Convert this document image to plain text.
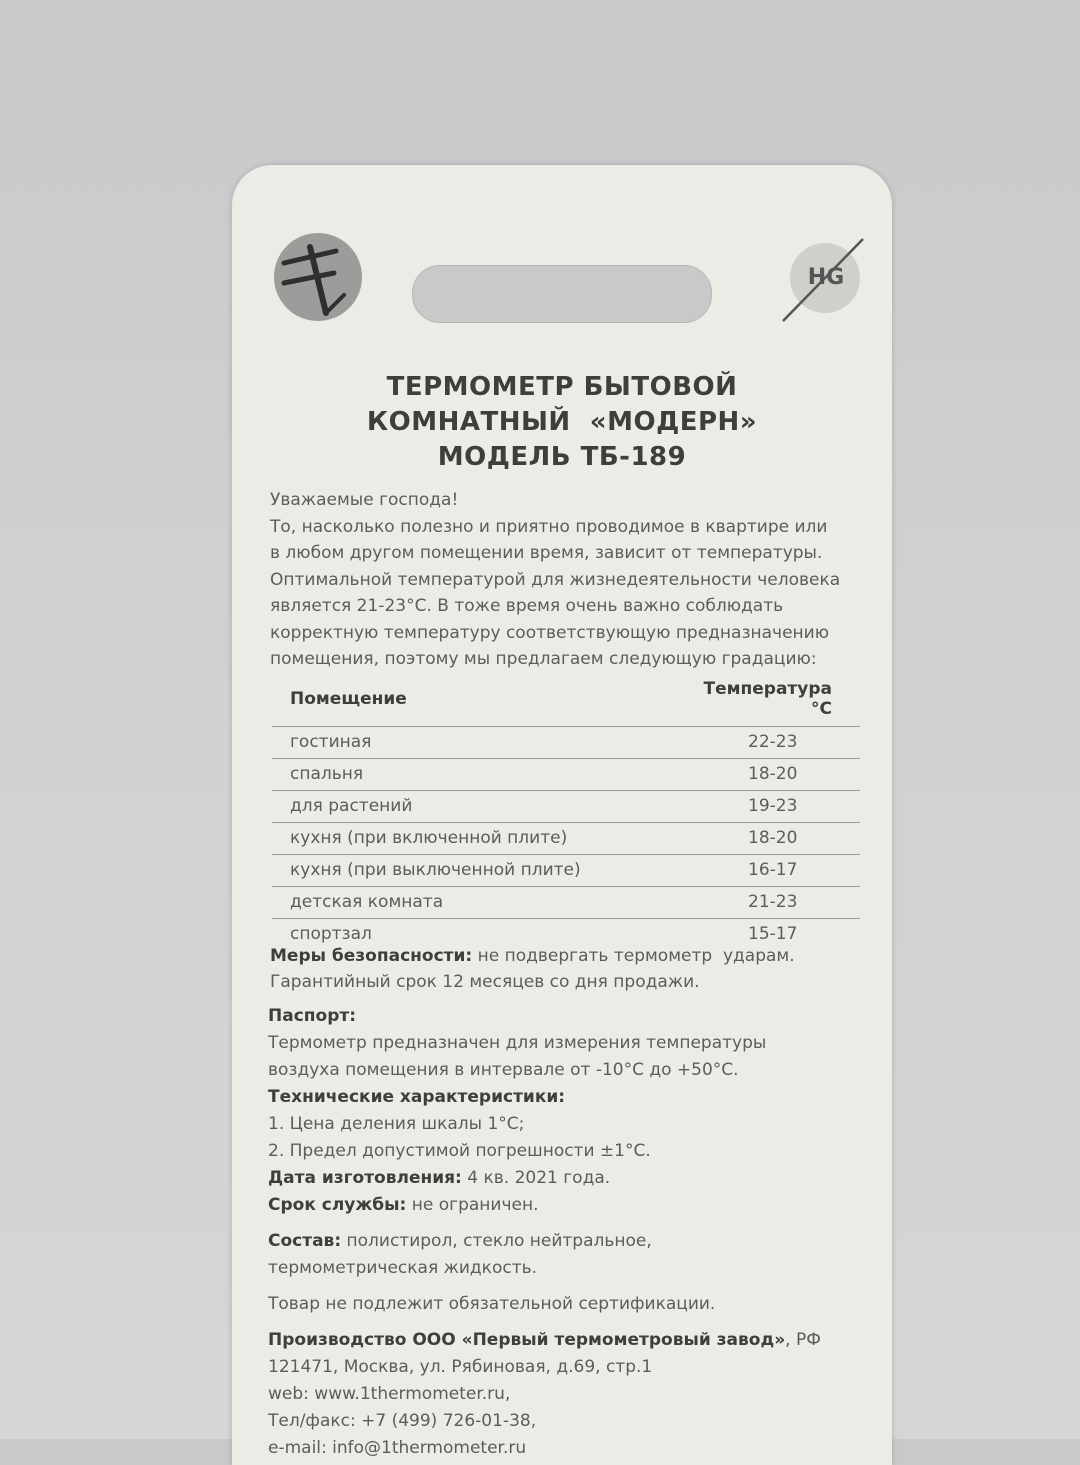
HG
ТЕРМОМЕТР БЫТОВОЙ
КОМНАТНЫЙ  «МОДЕРН»
МОДЕЛЬ ТБ-189
Уважаемые господа!
То, насколько полезно и приятно проводимое в квартире или
в любом другом помещении время, зависит от температуры.
Оптимальной температурой для жизнедеятельности человека
является 21-23°С. В тоже время очень важно соблюдать
корректную температуру соответствующую предназначению
помещения, поэтому мы предлагаем следующую градацию:
Помещение	Температура °С
гостиная	22-23
спальня	18-20
для растений	19-23
кухня (при включенной плите)	18-20
кухня (при выключенной плите)	16-17
детская комната	21-23
спортзал	15-17
Меры безопасности: не подвергать термометр  ударам.
Гарантийный срок 12 месяцев со дня продажи.
Паспорт:
Термометр предназначен для измерения температуры
воздуха помещения в интервале от -10°С до +50°С.
Технические характеристики:
1. Цена деления шкалы 1°С;
2. Предел допустимой погрешности ±1°С.
Дата изготовления: 4 кв. 2021 года.
Срок службы: не ограничен.
Состав: полистирол, стекло нейтральное,
термометрическая жидкость.
Товар не подлежит обязательной сертификации.
Производство ООО «Первый термометровый завод», РФ
121471, Москва, ул. Рябиновая, д.69, стр.1
web: www.1thermometer.ru,
Тел/факс: +7 (499) 726-01-38,
e-mail: info@1thermometer.ru
